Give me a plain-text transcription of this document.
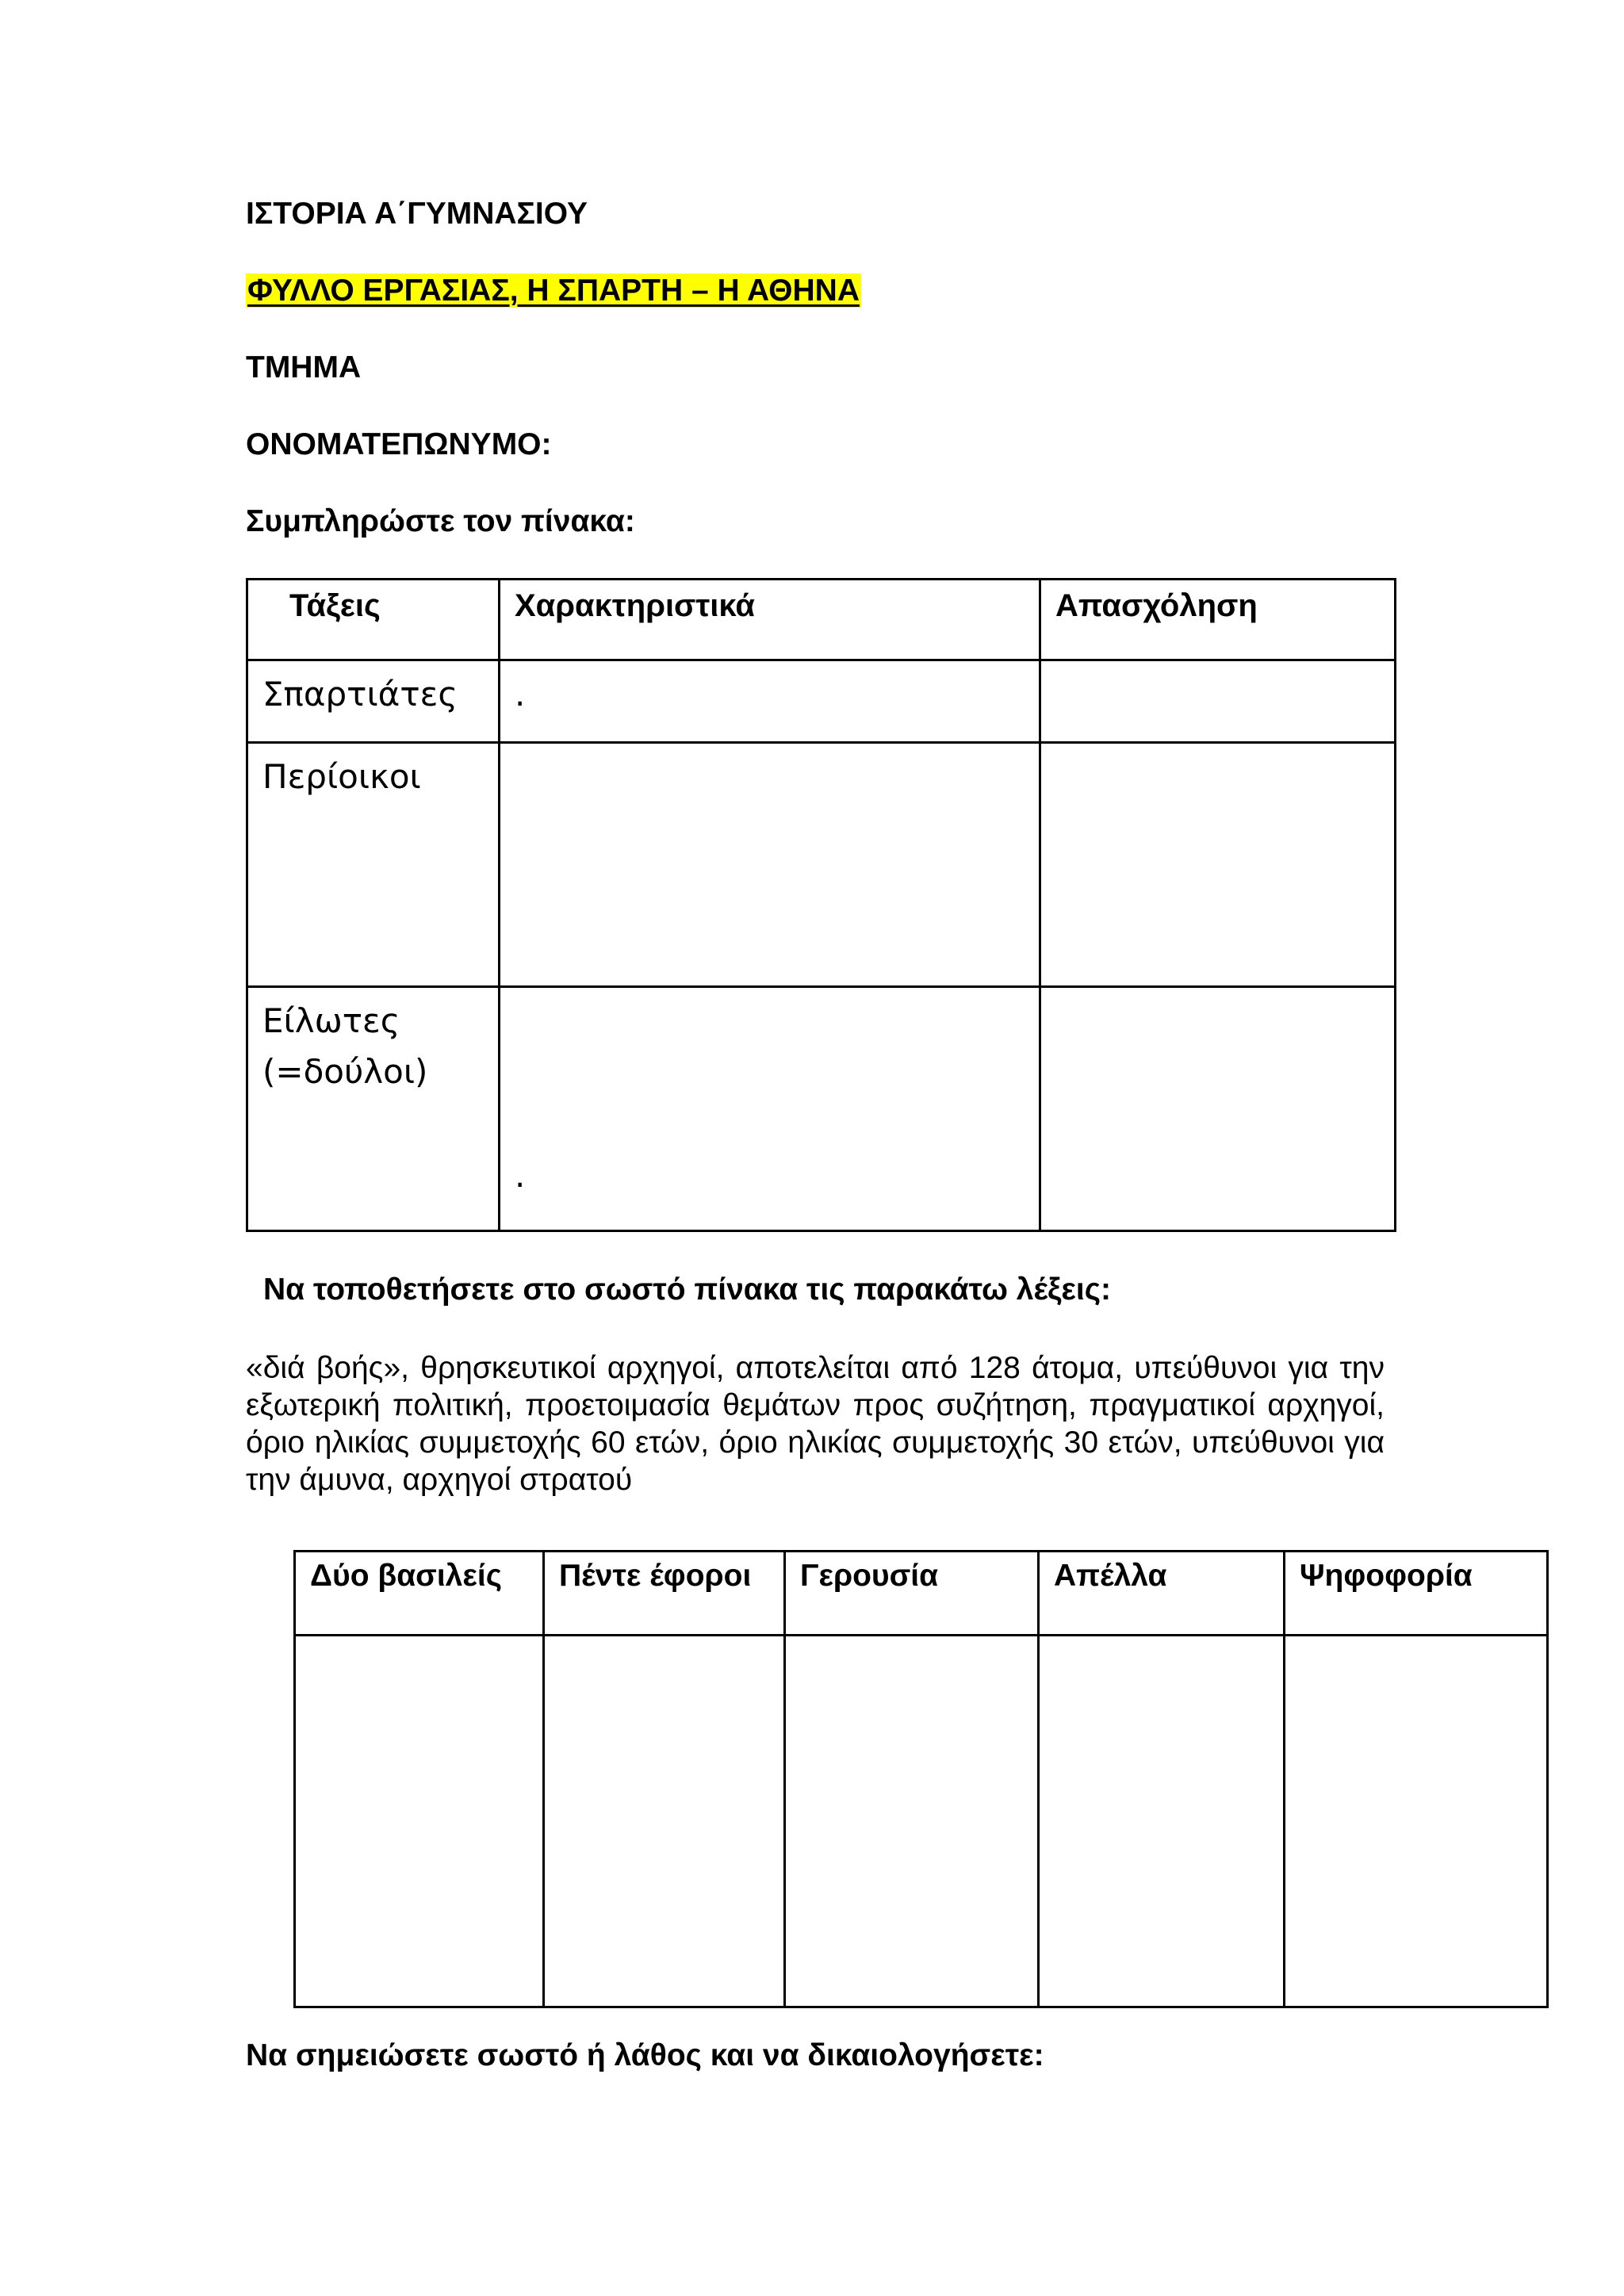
ΙΣΤΟΡΙΑ Α΄ΓΥΜΝΑΣΙΟΥ

ΦΥΛΛΟ ΕΡΓΑΣΙΑΣ, Η ΣΠΑΡΤΗ – Η ΑΘΗΝΑ

ΤΜΗΜΑ

ΟΝΟΜΑΤΕΠΩΝΥΜΟ:

Συμπληρώστε τον πίνακα:

Τάξεις	Χαρακτηριστικά	Απασχόληση
Σπαρτιάτες	.	
Περίοικοι		

Είλωτες
(=δούλοι)	.	

Να τοποθετήσετε στο σωστό πίνακα τις παρακάτω λέξεις:

«διά βοής», θρησκευτικοί αρχηγοί, αποτελείται από 128 άτομα, υπεύθυνοι για την εξωτερική πολιτική, προετοιμασία θεμάτων προς συζήτηση, πραγματικοί αρχηγοί, όριο ηλικίας συμμετοχής 60 ετών, όριο ηλικίας συμμετοχής 30 ετών, υπεύθυνοι για την άμυνα, αρχηγοί στρατού

Δύο βασιλείς	Πέντε έφοροι	Γερουσία	Απέλλα	Ψηφοφορία

Να σημειώσετε σωστό ή λάθος και να δικαιολογήσετε:
